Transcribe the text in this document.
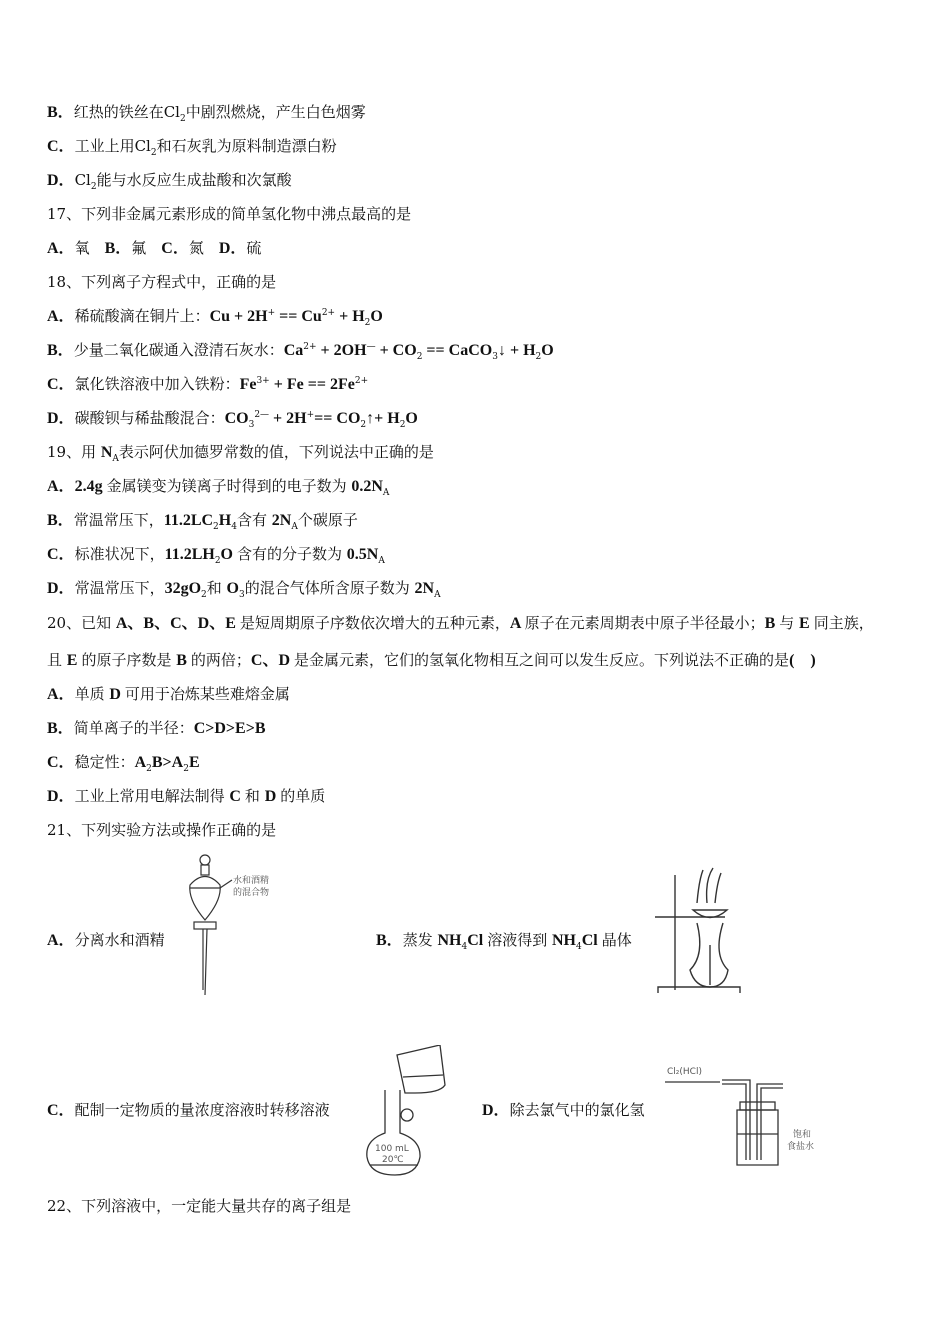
B．红热的铁丝在$Cl_2$中剧烈燃烧，产生白色烟雾
C．工业上用$Cl_2$和石灰乳为原料制造漂白粉
D．$Cl_2$能与水反应生成盐酸和次氯酸
17、下列非金属元素形成的简单氢化物中沸点最高的是
A．氧　B．氟　C．氮　D．硫
18、下列离子方程式中，正确的是
A．稀硫酸滴在铜片上：$Cu + 2H^+ == Cu^{2+} + H_2O$
B．少量二氧化碳通入澄清石灰水：$Ca^{2+} + 2OH^— + CO_2$ == CaCO$_3$↓ + $H_2O$
C．氯化铁溶液中加入铁粉：$Fe^{3+} + Fe == 2Fe^{2+}$
D．碳酸钡与稀盐酸混合：$CO_3^{2—} + 2H^+==$ $CO_2↑+ H_2O$
19、用 $N_A$表示阿伏加德罗常数的值，下列说法中正确的是
A．2.4g 金属镁变为镁离子时得到的电子数为 $0.2N_A$
B．常温常压下，$11.2LC_2H_4$含有 $2N_A$个碳原子
C．标准状况下，$11.2LH_2O$ 含有的分子数为 $0.5N_A$
D．常温常压下，$32gO_2$和 $O_3$的混合气体所含原子数为 $2N_A$
20、已知 A、B、C、D、E 是短周期原子序数依次增大的五种元素，A 原子在元素周期表中原子半径最小；B 与 E 同主族，
且 E 的原子序数是 B 的两倍；C、D 是金属元素，它们的氢氧化物相互之间可以发生反应。下列说法不正确的是(　)
A．单质 D 可用于冶炼某些难熔金属
B．简单离子的半径：C>D>E>B
C．稳定性：$A_2B>A_2E$
D．工业上常用电解法制得 C 和 D 的单质
21、下列实验方法或操作正确的是
A．分离水和酒精	B．蒸发 $NH_4Cl$ 溶液得到 $NH_4Cl$ 晶体
C．配制一定物质的量浓度溶液时转移溶液	D．除去氯气中的氯化氢
22、下列溶液中，一定能大量共存的离子组是
水和酒精
的混合物
100 mL
20℃
Cl₂(HCl)
饱和
食盐水
